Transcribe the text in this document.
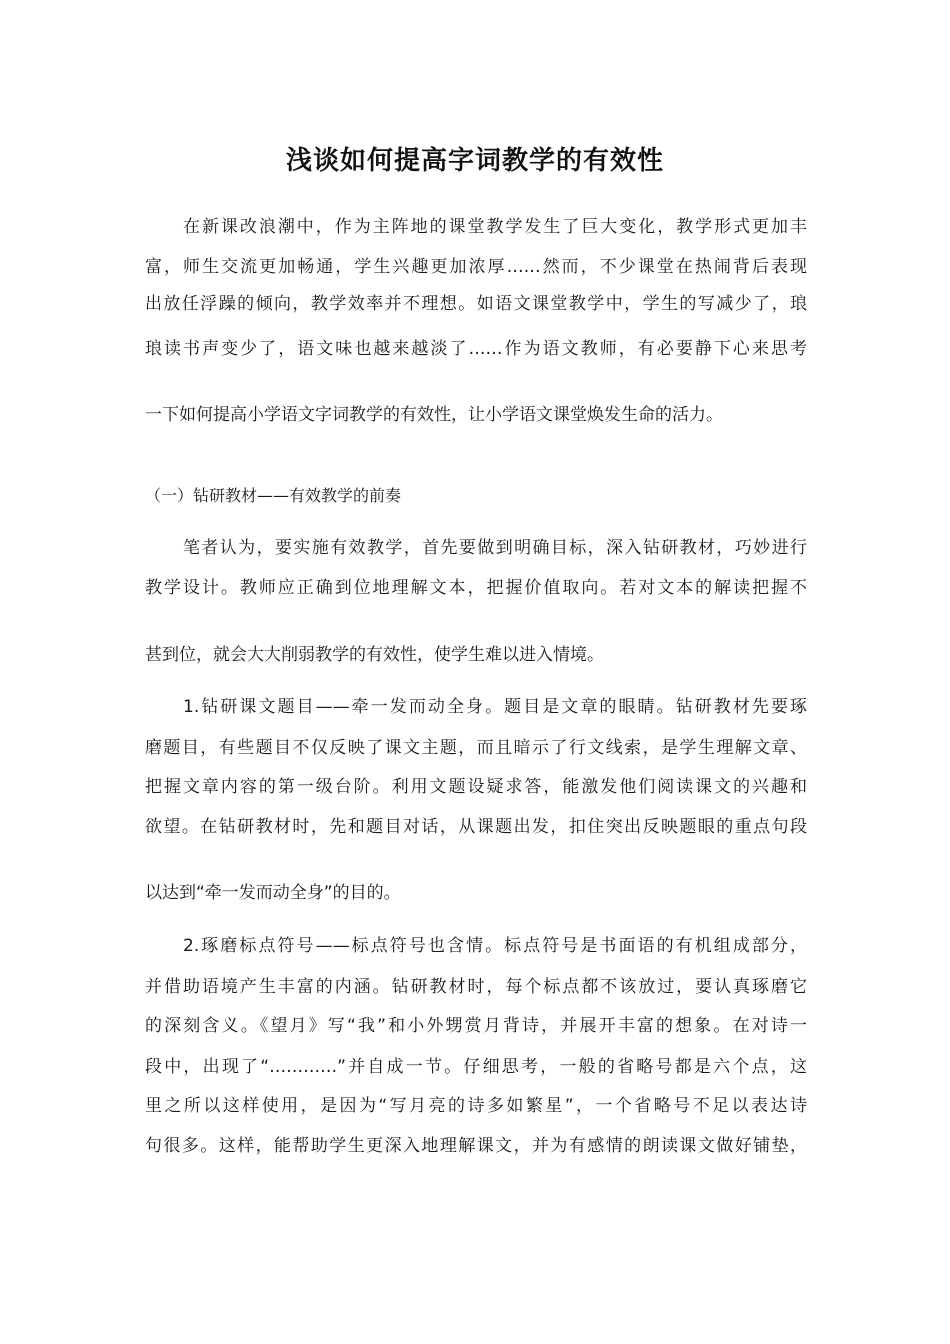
浅谈如何提高字词教学的有效性
在新课改浪潮中，作为主阵地的课堂教学发生了巨大变化，教学形式更加丰
富，师生交流更加畅通，学生兴趣更加浓厚……然而，不少课堂在热闹背后表现
出放任浮躁的倾向，教学效率并不理想。如语文课堂教学中，学生的写减少了，琅
琅读书声变少了，语文味也越来越淡了……作为语文教师，有必要静下心来思考
一下如何提高小学语文字词教学的有效性，让小学语文课堂焕发生命的活力。
（一）钻研教材——有效教学的前奏
笔者认为，要实施有效教学，首先要做到明确目标，深入钻研教材，巧妙进行
教学设计。教师应正确到位地理解文本，把握价值取向。若对文本的解读把握不
甚到位，就会大大削弱教学的有效性，使学生难以进入情境。
1.钻研课文题目——牵一发而动全身。题目是文章的眼睛。钻研教材先要琢
磨题目，有些题目不仅反映了课文主题，而且暗示了行文线索，是学生理解文章、
把握文章内容的第一级台阶。利用文题设疑求答，能激发他们阅读课文的兴趣和
欲望。在钻研教材时，先和题目对话，从课题出发，扣住突出反映题眼的重点句段
以达到“牵一发而动全身”的目的。
2.琢磨标点符号——标点符号也含情。标点符号是书面语的有机组成部分，
并借助语境产生丰富的内涵。钻研教材时，每个标点都不该放过，要认真琢磨它
的深刻含义。《望月》写“我”和小外甥赏月背诗，并展开丰富的想象。在对诗一
段中，出现了“…………”并自成一节。仔细思考，一般的省略号都是六个点，这
里之所以这样使用，是因为“写月亮的诗多如繁星”，一个省略号不足以表达诗
句很多。这样，能帮助学生更深入地理解课文，并为有感情的朗读课文做好铺垫，
